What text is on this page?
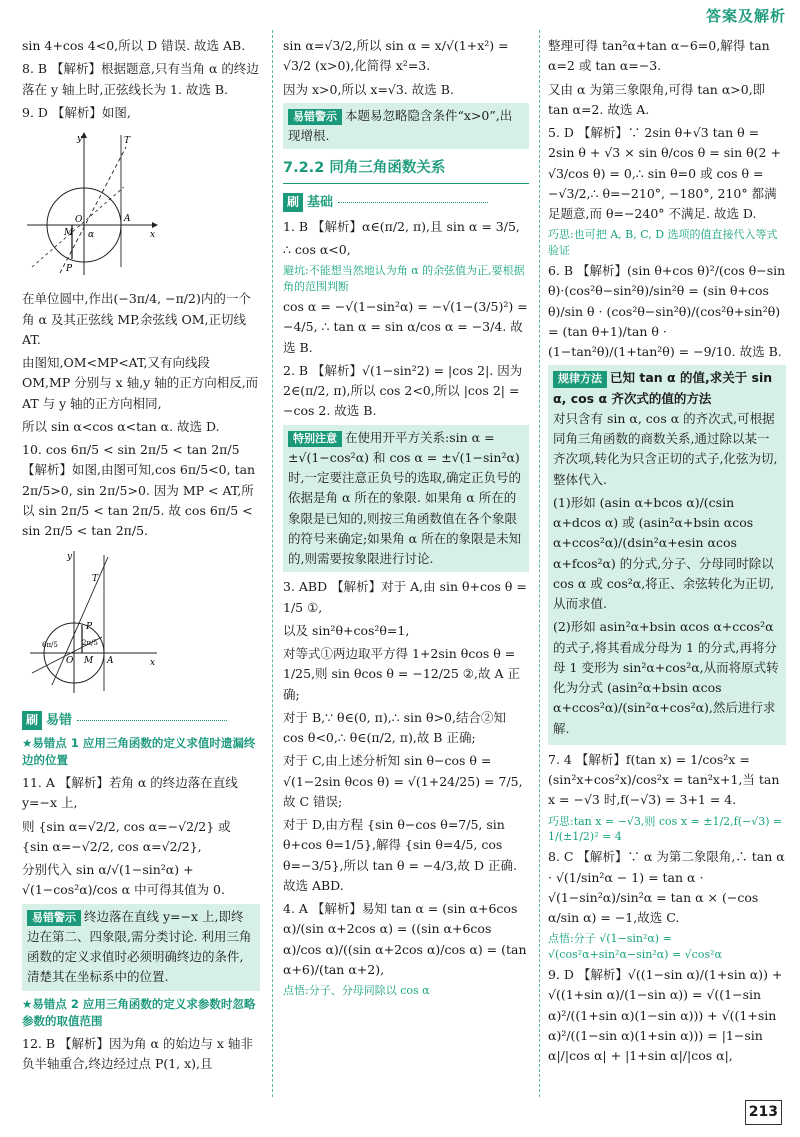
答案及解析

sin 4+cos 4<0,所以 D 错误. 故选 AB.

8. B 【解析】根据题意,只有当角 α 的终边落在 y 轴上时,正弦线长为 1. 故选 B.

9. D 【解析】如图,

y	T
O
M
A
x
P
α

在单位圆中,作出(−3π/4, −π/2)内的一个角 α 及其正弦线 MP,余弦线 OM,正切线 AT.

由图知,OM<MP<AT,又有向线段 OM,MP 分别与 x 轴,y 轴的正方向相反,而 AT 与 y 轴的正方向相同,

所以 sin α<cos α<tan α. 故选 D.

10. cos 6π/5 < sin 2π/5 < tan 2π/5 【解析】如图,由图可知,cos 6π/5<0, tan 2π/5>0, sin 2π/5>0. 因为 MP < AT,所以 sin 2π/5 < tan 2π/5. 故 cos 6π/5 < sin 2π/5 < tan 2π/5.

y
T
P
O M A	x
6π/5	2π/5
刷 易错
★易错点 1 应用三角函数的定义求值时遗漏终边的位置

11. A 【解析】若角 α 的终边落在直线 y=−x 上,

则 {sin α=√2/2, cos α=−√2/2} 或 {sin α=−√2/2, cos α=√2/2},

分别代入 sin α/√(1−sin²α) + √(1−cos²α)/cos α 中可得其值为 0.

易错警示 终边落在直线 y=−x 上,即终边在第二、四象限,需分类讨论. 利用三角函数的定义求值时必须明确终边的条件,清楚其在坐标系中的位置.
★易错点 2 应用三角函数的定义求参数时忽略参数的取值范围

12. B 【解析】因为角 α 的始边与 x 轴非负半轴重合,终边经过点 P(1, x),且

sin α=√3/2,所以 sin α = x/√(1+x²) = √3/2 (x>0),化简得 x²=3.

因为 x>0,所以 x=√3. 故选 B.

易错警示 本题易忽略隐含条件“x>0”,出现增根.
7.2.2 同角三角函数关系
刷 基础

1. B 【解析】α∈(π/2, π),且 sin α = 3/5,

∴ cos α<0,

避坑:不能想当然地认为角 α 的余弦值为正,要根据角的范围判断

cos α = −√(1−sin²α) = −√(1−(3/5)²) = −4/5, ∴ tan α = sin α/cos α = −3/4. 故选 B.

2. B 【解析】√(1−sin²2) = |cos 2|. 因为 2∈(π/2, π),所以 cos 2<0,所以 |cos 2| = −cos 2. 故选 B.

特别注意 在使用开平方关系:sin α = ±√(1−cos²α) 和 cos α = ±√(1−sin²α) 时,一定要注意正负号的选取,确定正负号的依据是角 α 所在的象限. 如果角 α 所在的象限是已知的,则按三角函数值在各个象限的符号来确定;如果角 α 所在的象限是未知的,则需要按象限进行讨论.

3. ABD 【解析】对于 A,由 sin θ+cos θ = 1/5 ①,

以及 sin²θ+cos²θ=1,

对等式①两边取平方得 1+2sin θcos θ = 1/25,则 sin θcos θ = −12/25 ②,故 A 正确;

对于 B,∵ θ∈(0, π),∴ sin θ>0,结合②知 cos θ<0,∴ θ∈(π/2, π),故 B 正确;

对于 C,由上述分析知 sin θ−cos θ = √(1−2sin θcos θ) = √(1+24/25) = 7/5,故 C 错误;

对于 D,由方程 {sin θ−cos θ=7/5, sin θ+cos θ=1/5},解得 {sin θ=4/5, cos θ=−3/5},所以 tan θ = −4/3,故 D 正确. 故选 ABD.

4. A 【解析】易知 tan α = (sin α+6cos α)/(sin α+2cos α) = ((sin α+6cos α)/cos α)/((sin α+2cos α)/cos α) = (tan α+6)/(tan α+2),

点悟:分子、分母同除以 cos α

整理可得 tan²α+tan α−6=0,解得 tan α=2 或 tan α=−3.

又由 α 为第三象限角,可得 tan α>0,即 tan α=2. 故选 A.

5. D 【解析】∵ 2sin θ+√3 tan θ = 2sin θ + √3 × sin θ/cos θ = sin θ(2 + √3/cos θ) = 0,∴ sin θ=0 或 cos θ = −√3/2,∴ θ=−210°, −180°, 210° 都满足题意,而 θ=−240° 不满足. 故选 D.

巧思:也可把 A, B, C, D 选项的值直接代入等式验证

6. B 【解析】(sin θ+cos θ)²/(cos θ−sin θ)·(cos²θ−sin²θ)/sin²θ = (sin θ+cos θ)/sin θ · (cos²θ−sin²θ)/(cos²θ+sin²θ) = (tan θ+1)/tan θ · (1−tan²θ)/(1+tan²θ) = −9/10. 故选 B.

规律方法 已知 tan α 的值,求关于 sin α, cos α 齐次式的值的方法

对只含有 sin α, cos α 的齐次式,可根据同角三角函数的商数关系,通过除以某一齐次项,转化为只含正切的式子,化弦为切,整体代入.

(1)形如 (asin α+bcos α)/(csin α+dcos α) 或 (asin²α+bsin αcos α+ccos²α)/(dsin²α+esin αcos α+fcos²α) 的分式,分子、分母同时除以 cos α 或 cos²α,将正、余弦转化为正切,从而求值.

(2)形如 asin²α+bsin αcos α+ccos²α 的式子,将其看成分母为 1 的分式,再将分母 1 变形为 sin²α+cos²α,从而将原式转化为分式 (asin²α+bsin αcos α+ccos²α)/(sin²α+cos²α),然后进行求解.

7. 4 【解析】f(tan x) = 1/cos²x = (sin²x+cos²x)/cos²x = tan²x+1,当 tan x = −√3 时,f(−√3) = 3+1 = 4.

巧思:tan x = −√3,则 cos x = ±1/2,f(−√3) = 1/(±1/2)² = 4

8. C 【解析】∵ α 为第二象限角,∴ tan α · √(1/sin²α − 1) = tan α · √(1−sin²α)/sin²α = tan α × (−cos α/sin α) = −1,故选 C.

点悟:分子 √(1−sin²α) = √(cos²α+sin²α−sin²α) = √cos²α

9. D 【解析】√((1−sin α)/(1+sin α)) + √((1+sin α)/(1−sin α)) = √((1−sin α)²/((1+sin α)(1−sin α))) + √((1+sin α)²/((1−sin α)(1+sin α))) = |1−sin α|/|cos α| + |1+sin α|/|cos α|,

213
